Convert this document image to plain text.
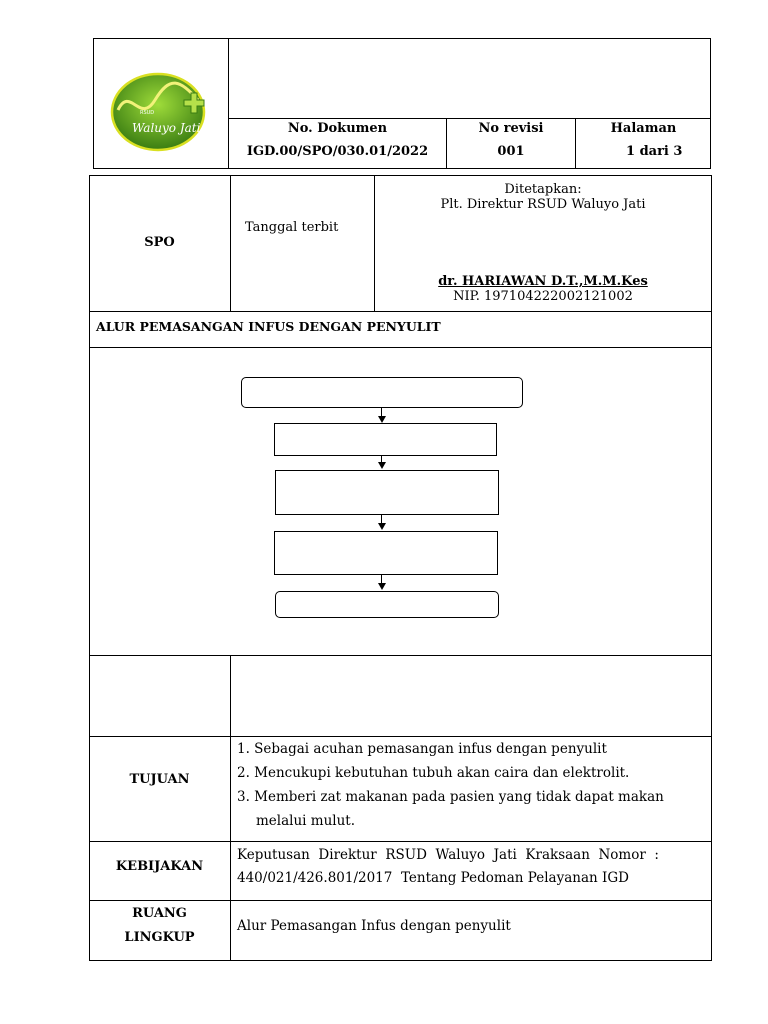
Waluyo Jati
RSUD
No. Dokumen
IGD.00/SPO/030.01/2022
No revisi
001
Halaman
1 dari 3
SPO
Tanggal terbit
Ditetapkan:
Plt. Direktur RSUD Waluyo Jati
dr. HARIAWAN D.T.,M.M.Kes
NIP. 197104222002121002
ALUR PEMASANGAN INFUS DENGAN PENYULIT
TUJUAN
1. Sebagai acuhan pemasangan infus dengan penyulit
2. Mencukupi kebutuhan tubuh akan caira dan elektrolit.
3. Memberi zat makanan pada pasien yang tidak dapat makan
melalui mulut.
KEBIJAKAN
Keputusan  Direktur  RSUD  Waluyo  Jati  Kraksaan  Nomor  :
440/021/426.801/2017  Tentang Pedoman Pelayanan IGD
RUANG
LINGKUP
Alur Pemasangan Infus dengan penyulit
